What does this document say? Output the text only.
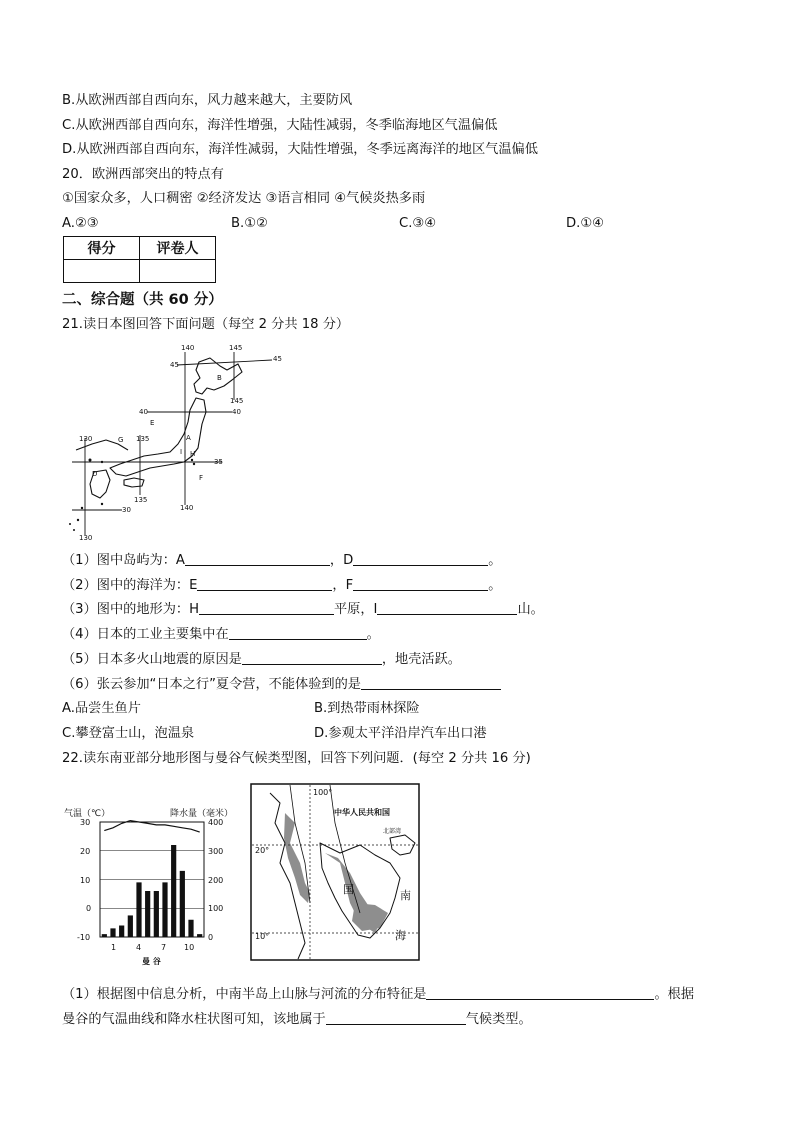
B.从欧洲西部自西向东，风力越来越大，主要防风
C.从欧洲西部自西向东，海洋性增强，大陆性减弱，冬季临海地区气温偏低
D.从欧洲西部自西向东，海洋性减弱，大陆性增强，冬季远离海洋的地区气温偏低
20．欧洲西部突出的特点有
①国家众多，人口稠密 ②经济发达 ③语言相同 ④气候炎热多雨
A.②③	B.①②	C.③④	D.①④
得分	评卷人

二、综合题（共 60 分）
21.读日本图回答下面问题（每空 2 分共 18 分）
140	145
45
45
145
40	40
130	135
35
135
140
30
130
B
E
G	A
I H
D	F
（1）图中岛屿为：A	，D	。
（2）图中的海洋为：E	，F	。
（3）图中的地形为：H	平原，I	山。
（4）日本的工业主要集中在	。
（5）日本多火山地震的原因是	，地壳活跃。
（6）张云参加“日本之行”夏令营，不能体验到的是
A.品尝生鱼片	B.到热带雨林探险
C.攀登富士山，泡温泉	D.参观太平洋沿岸汽车出口港
22.读东南亚部分地形图与曼谷气候类型图，回答下列问题．(每空 2 分共 16 分)
气温（℃）	降水量（毫米）
30
20
10
0
-10
400
300
200
100
0
1 4 7 10
曼 谷
100°
20°
10°
中华人民共和国
北部湾
南
海
国
（1）根据图中信息分析，中南半岛上山脉与河流的分布特征是	。根据
曼谷的气温曲线和降水柱状图可知，该地属于	气候类型。
